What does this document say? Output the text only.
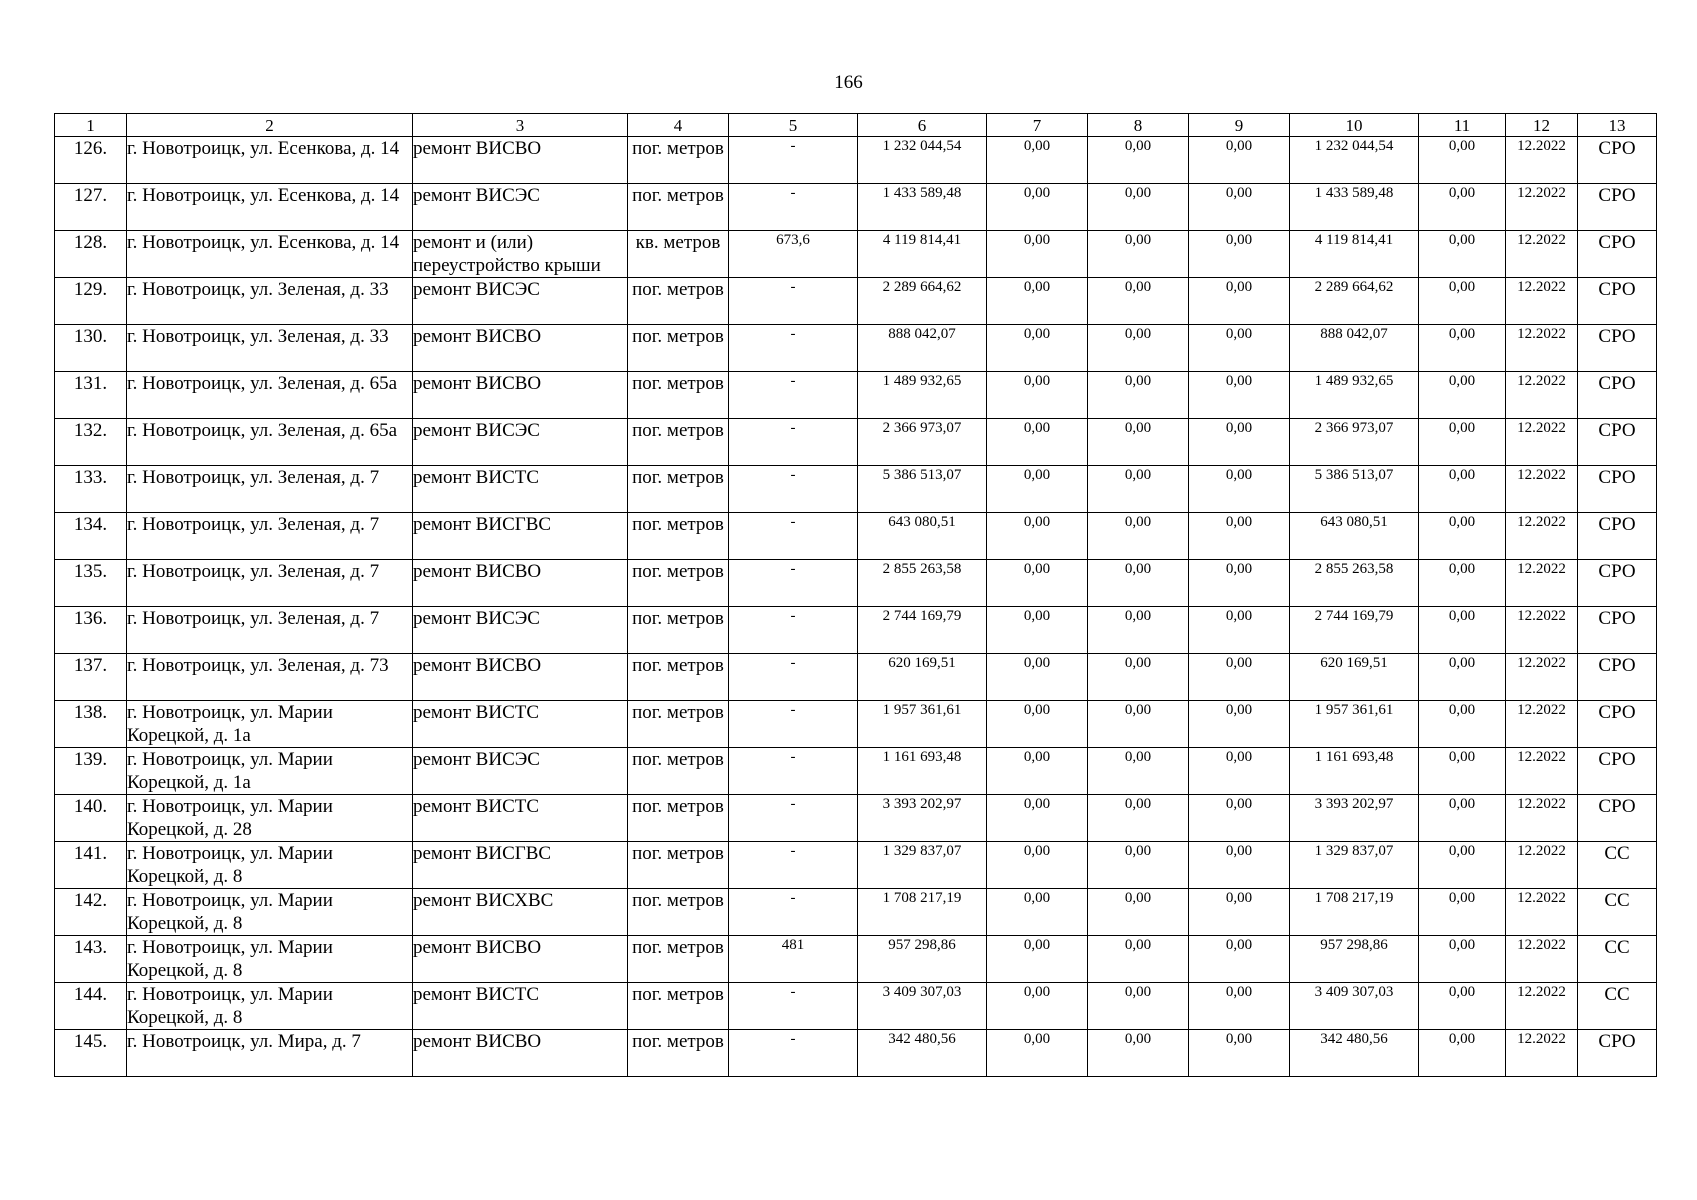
166
1	2	3	4	5	6	7	8	9	10	11	12	13
126.	г. Новотроицк, ул. Есенкова, д. 14	ремонт ВИСВО	пог. метров	-	1 232 044,54	0,00	0,00	0,00	1 232 044,54	0,00	12.2022	СРО
127.	г. Новотроицк, ул. Есенкова, д. 14	ремонт ВИСЭС	пог. метров	-	1 433 589,48	0,00	0,00	0,00	1 433 589,48	0,00	12.2022	СРО
128.	г. Новотроицк, ул. Есенкова, д. 14	ремонт и (или) переустройство крыши	кв. метров	673,6	4 119 814,41	0,00	0,00	0,00	4 119 814,41	0,00	12.2022	СРО
129.	г. Новотроицк, ул. Зеленая, д. 33	ремонт ВИСЭС	пог. метров	-	2 289 664,62	0,00	0,00	0,00	2 289 664,62	0,00	12.2022	СРО
130.	г. Новотроицк, ул. Зеленая, д. 33	ремонт ВИСВО	пог. метров	-	888 042,07	0,00	0,00	0,00	888 042,07	0,00	12.2022	СРО
131.	г. Новотроицк, ул. Зеленая, д. 65а	ремонт ВИСВО	пог. метров	-	1 489 932,65	0,00	0,00	0,00	1 489 932,65	0,00	12.2022	СРО
132.	г. Новотроицк, ул. Зеленая, д. 65а	ремонт ВИСЭС	пог. метров	-	2 366 973,07	0,00	0,00	0,00	2 366 973,07	0,00	12.2022	СРО
133.	г. Новотроицк, ул. Зеленая, д. 7	ремонт ВИСТС	пог. метров	-	5 386 513,07	0,00	0,00	0,00	5 386 513,07	0,00	12.2022	СРО
134.	г. Новотроицк, ул. Зеленая, д. 7	ремонт ВИСГВС	пог. метров	-	643 080,51	0,00	0,00	0,00	643 080,51	0,00	12.2022	СРО
135.	г. Новотроицк, ул. Зеленая, д. 7	ремонт ВИСВО	пог. метров	-	2 855 263,58	0,00	0,00	0,00	2 855 263,58	0,00	12.2022	СРО
136.	г. Новотроицк, ул. Зеленая, д. 7	ремонт ВИСЭС	пог. метров	-	2 744 169,79	0,00	0,00	0,00	2 744 169,79	0,00	12.2022	СРО
137.	г. Новотроицк, ул. Зеленая, д. 73	ремонт ВИСВО	пог. метров	-	620 169,51	0,00	0,00	0,00	620 169,51	0,00	12.2022	СРО
138.	г. Новотроицк, ул. Марии Корецкой, д. 1а	ремонт ВИСТС	пог. метров	-	1 957 361,61	0,00	0,00	0,00	1 957 361,61	0,00	12.2022	СРО
139.	г. Новотроицк, ул. Марии Корецкой, д. 1а	ремонт ВИСЭС	пог. метров	-	1 161 693,48	0,00	0,00	0,00	1 161 693,48	0,00	12.2022	СРО
140.	г. Новотроицк, ул. Марии Корецкой, д. 28	ремонт ВИСТС	пог. метров	-	3 393 202,97	0,00	0,00	0,00	3 393 202,97	0,00	12.2022	СРО
141.	г. Новотроицк, ул. Марии Корецкой, д. 8	ремонт ВИСГВС	пог. метров	-	1 329 837,07	0,00	0,00	0,00	1 329 837,07	0,00	12.2022	СС
142.	г. Новотроицк, ул. Марии Корецкой, д. 8	ремонт ВИСХВС	пог. метров	-	1 708 217,19	0,00	0,00	0,00	1 708 217,19	0,00	12.2022	СС
143.	г. Новотроицк, ул. Марии Корецкой, д. 8	ремонт ВИСВО	пог. метров	481	957 298,86	0,00	0,00	0,00	957 298,86	0,00	12.2022	СС
144.	г. Новотроицк, ул. Марии Корецкой, д. 8	ремонт ВИСТС	пог. метров	-	3 409 307,03	0,00	0,00	0,00	3 409 307,03	0,00	12.2022	СС
145.	г. Новотроицк, ул. Мира, д. 7	ремонт ВИСВО	пог. метров	-	342 480,56	0,00	0,00	0,00	342 480,56	0,00	12.2022	СРО
